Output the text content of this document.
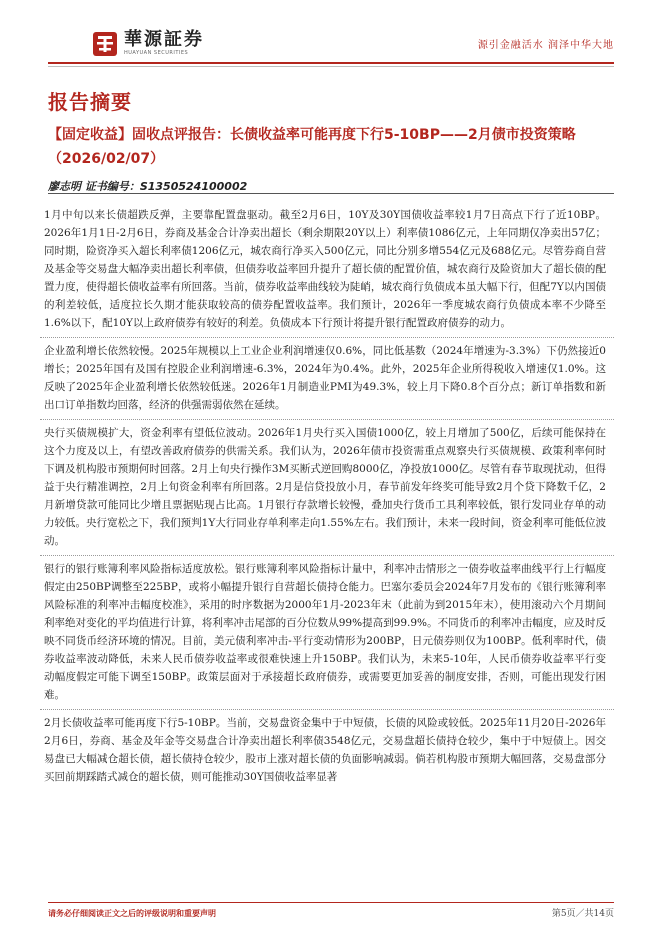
華源証券
HUAYUAN SECURITIES
源引金融活水 润泽中华大地
报告摘要
【固定收益】固收点评报告：长债收益率可能再度下行5-10BP——2月债市投资策略（2026/02/07）
廖志明 证书编号：S1350524100002
1月中旬以来长债超跌反弹，主要靠配置盘驱动。截至2月6日，10Y及30Y国债收益率较1月7日高点下行了近10BP。2026年1月1日-2月6日，券商及基金合计净卖出超长（剩余期限20Y以上）利率债1086亿元，上年同期仅净卖出57亿；同时期，险资净买入超长利率债1206亿元，城农商行净买入500亿元，同比分别多增554亿元及688亿元。尽管券商自营及基金等交易盘大幅净卖出超长利率债，但债券收益率回升提升了超长债的配置价值，城农商行及险资加大了超长债的配置力度，使得超长债收益率有所回落。当前，债券收益率曲线较为陡峭，城农商行负债成本虽大幅下行，但配7Y以内国债的利差较低，适度拉长久期才能获取较高的债券配置收益率。我们预计，2026年一季度城农商行负债成本率不少降至1.6%以下，配10Y以上政府债券有较好的利差。负债成本下行预计将提升银行配置政府债券的动力。
企业盈利增长依然较慢。2025年规模以上工业企业利润增速仅0.6%，同比低基数（2024年增速为-3.3%）下仍然接近0增长；2025年国有及国有控股企业利润增速-6.3%，2024年为0.4%。此外，2025年企业所得税收入增速仅1.0%。这反映了2025年企业盈利增长依然较低迷。2026年1月制造业PMI为49.3%，较上月下降0.8个百分点；新订单指数和新出口订单指数均回落，经济的供强需弱依然在延续。
央行买债规模扩大，资金利率有望低位波动。2026年1月央行买入国债1000亿，较上月增加了500亿，后续可能保持在这个力度及以上，有望改善政府债券的供需关系。我们认为，2026年债市投资需重点观察央行买债规模、政策利率何时下调及机构股市预期何时回落。2月上旬央行操作3M买断式逆回购8000亿，净投放1000亿。尽管有春节取现扰动，但得益于央行精准调控，2月上旬资金利率有所回落。2月是信贷投放小月，春节前发年终奖可能导致2月个贷下降数千亿，2月新增贷款可能同比少增且票据贴现占比高。1月银行存款增长较慢，叠加央行货币工具利率较低，银行发同业存单的动力较低。央行宽松之下，我们预判1Y大行同业存单利率走向1.55%左右。我们预计，未来一段时间，资金利率可能低位波动。
银行的银行账簿利率风险指标适度放松。银行账簿利率风险指标计量中，利率冲击情形之一债券收益率曲线平行上行幅度假定由250BP调整至225BP，或将小幅提升银行自营超长债持仓能力。巴塞尔委员会2024年7月发布的《银行账簿利率风险标准的利率冲击幅度校准》，采用的时序数据为2000年1月-2023年末（此前为到2015年末），使用滚动六个月期间利率绝对变化的平均值进行计算，将利率冲击尾部的百分位数从99%提高到99.9%。不同货币的利率冲击幅度，应及时反映不同货币经济环境的情况。目前，美元债利率冲击-平行变动情形为200BP，日元债券则仅为100BP。低利率时代，债券收益率波动降低，未来人民币债券收益率或很难快速上升150BP。我们认为，未来5-10年，人民币债券收益率平行变动幅度假定可能下调至150BP。政策层面对于承接超长政府债券，或需要更加妥善的制度安排，否则，可能出现发行困难。
2月长债收益率可能再度下行5-10BP。当前，交易盘资金集中于中短债，长债的风险或较低。2025年11月20日-2026年2月6日，券商、基金及年金等交易盘合计净卖出超长利率债3548亿元，交易盘超长债持仓较少，集中于中短债上。因交易盘已大幅减仓超长债，超长债持仓较少，股市上涨对超长债的负面影响减弱。倘若机构股市预期大幅回落，交易盘部分买回前期踩踏式减仓的超长债，则可能推动30Y国债收益率显著
请务必仔细阅读正文之后的评级说明和重要声明	第5页／共14页
